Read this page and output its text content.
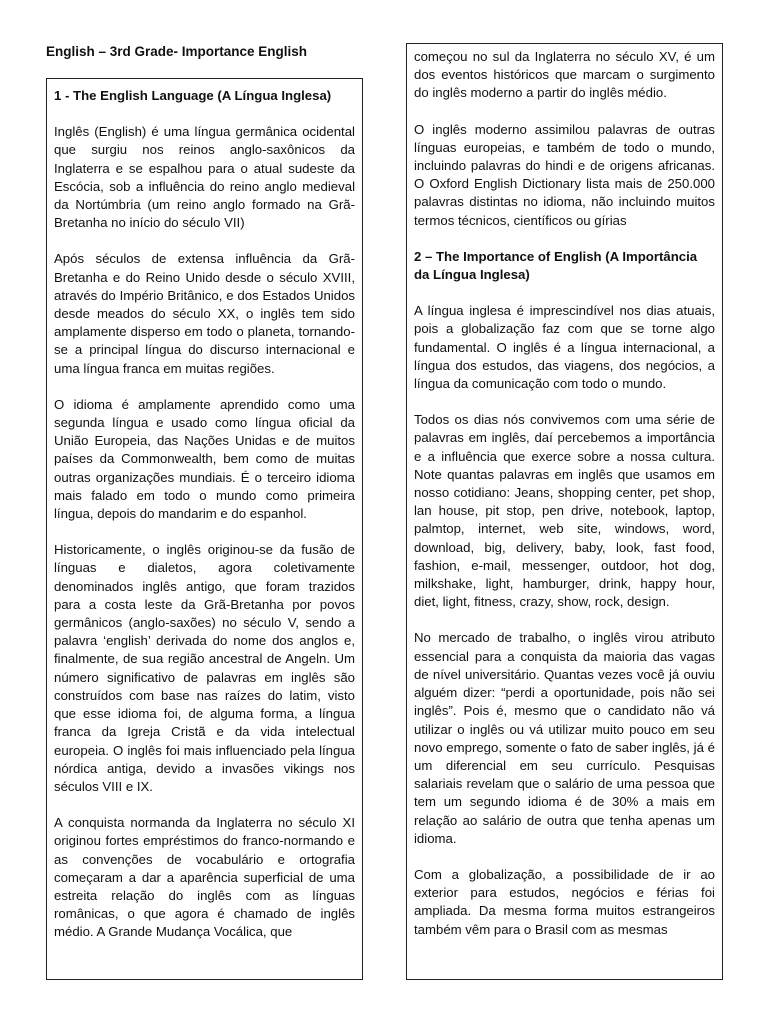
English – 3rd Grade- Importance English
1 - The English Language (A Língua Inglesa)

Inglês (English) é uma língua germânica ocidental que surgiu nos reinos anglo-saxônicos da Inglaterra e se espalhou para o atual sudeste da Escócia, sob a influência do reino anglo medieval da Nortúmbria (um reino anglo formado na Grã-Bretanha no início do século VII)

Após séculos de extensa influência da Grã-Bretanha e do Reino Unido desde o século XVIII, através do Império Britânico, e dos Estados Unidos desde meados do século XX, o inglês tem sido amplamente disperso em todo o planeta, tornando-se a principal língua do discurso internacional e uma língua franca em muitas regiões.

O idioma é amplamente aprendido como uma segunda língua e usado como língua oficial da União Europeia, das Nações Unidas e de muitos países da Commonwealth, bem como de muitas outras organizações mundiais. É o terceiro idioma mais falado em todo o mundo como primeira língua, depois do mandarim e do espanhol.

Historicamente, o inglês originou-se da fusão de línguas e dialetos, agora coletivamente denominados inglês antigo, que foram trazidos para a costa leste da Grã-Bretanha por povos germânicos (anglo-saxões) no século V, sendo a palavra ‘english’ derivada do nome dos anglos e, finalmente, de sua região ancestral de Angeln. Um número significativo de palavras em inglês são construídos com base nas raízes do latim, visto que esse idioma foi, de alguma forma, a língua franca da Igreja Cristã e da vida intelectual europeia. O inglês foi mais influenciado pela língua nórdica antiga, devido a invasões vikings nos séculos VIII e IX.

A conquista normanda da Inglaterra no século XI originou fortes empréstimos do franco-normando e as convenções de vocabulário e ortografia começaram a dar a aparência superficial de uma estreita relação do inglês com as línguas românicas, o que agora é chamado de inglês médio. A Grande Mudança Vocálica, que

começou no sul da Inglaterra no século XV, é um dos eventos históricos que marcam o surgimento do inglês moderno a partir do inglês médio.

O inglês moderno assimilou palavras de outras línguas europeias, e também de todo o mundo, incluindo palavras do hindi e de origens africanas. O Oxford English Dictionary lista mais de 250.000 palavras distintas no idioma, não incluindo muitos termos técnicos, científicos ou gírias

2 – The Importance of English (A Importância da Língua Inglesa)

A língua inglesa é imprescindível nos dias atuais, pois a globalização faz com que se torne algo fundamental. O inglês é a língua internacional, a língua dos estudos, das viagens, dos negócios, a língua da comunicação com todo o mundo.

Todos os dias nós convivemos com uma série de palavras em inglês, daí percebemos a importância e a influência que exerce sobre a nossa cultura. Note quantas palavras em inglês que usamos em nosso cotidiano: Jeans, shopping center, pet shop, lan house, pit stop, pen drive, notebook, laptop, palmtop, internet, web site, windows, word, download, big, delivery, baby, look, fast food, fashion, e-mail, messenger, outdoor, hot dog, milkshake, light, hamburger, drink, happy hour, diet, light, fitness, crazy, show, rock, design.

No mercado de trabalho, o inglês virou atributo essencial para a conquista da maioria das vagas de nível universitário. Quantas vezes você já ouviu alguém dizer: “perdi a oportunidade, pois não sei inglês”. Pois é, mesmo que o candidato não vá utilizar o inglês ou vá utilizar muito pouco em seu novo emprego, somente o fato de saber inglês, já é um diferencial em seu currículo. Pesquisas salariais revelam que o salário de uma pessoa que tem um segundo idioma é de 30% a mais em relação ao salário de outra que tenha apenas um idioma.

Com a globalização, a possibilidade de ir ao exterior para estudos, negócios e férias foi ampliada. Da mesma forma muitos estrangeiros também vêm para o Brasil com as mesmas
